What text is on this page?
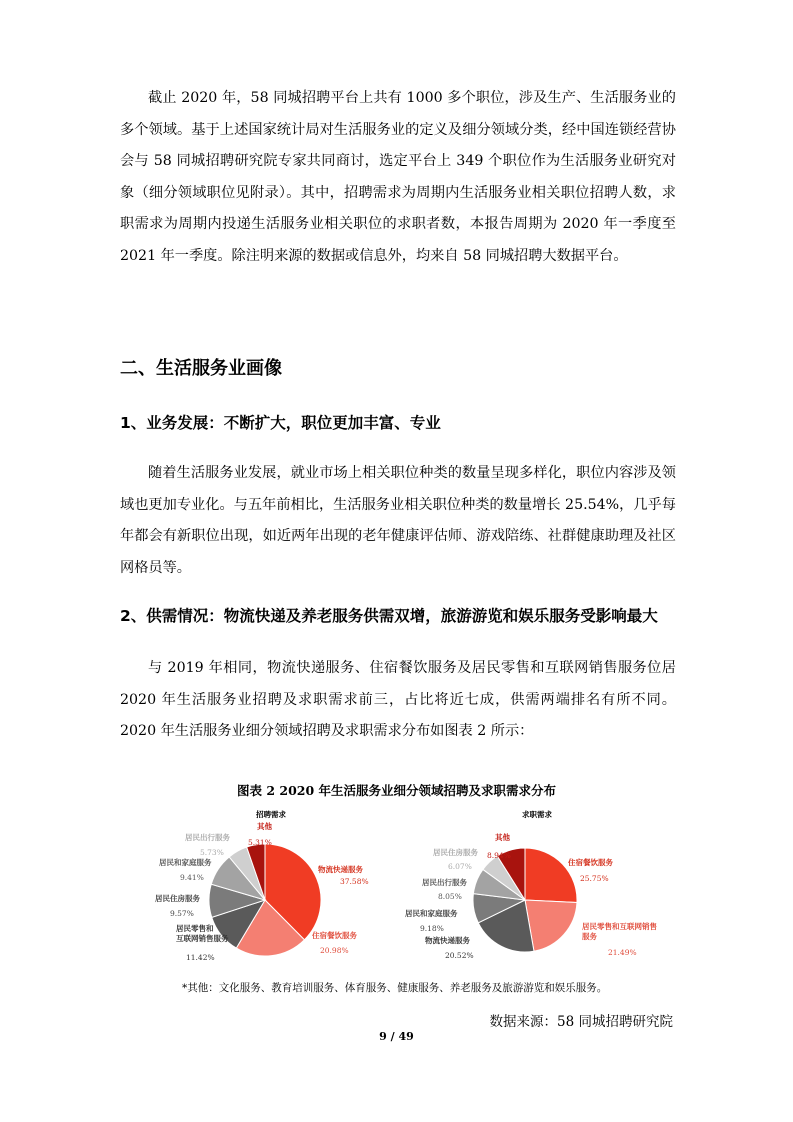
截止 2020 年，58 同城招聘平台上共有 1000 多个职位，涉及生产、生活服务业的多个领域。基于上述国家统计局对生活服务业的定义及细分领域分类，经中国连锁经营协会与 58 同城招聘研究院专家共同商讨，选定平台上 349 个职位作为生活服务业研究对象（细分领域职位见附录）。其中，招聘需求为周期内生活服务业相关职位招聘人数，求职需求为周期内投递生活服务业相关职位的求职者数，本报告周期为 2020 年一季度至 2021 年一季度。除注明来源的数据或信息外，均来自 58 同城招聘大数据平台。

二、生活服务业画像
1、业务发展：不断扩大，职位更加丰富、专业

随着生活服务业发展，就业市场上相关职位种类的数量呈现多样化，职位内容涉及领域也更加专业化。与五年前相比，生活服务业相关职位种类的数量增长 25.54%，几乎每年都会有新职位出现，如近两年出现的老年健康评估师、游戏陪练、社群健康助理及社区网格员等。

2、供需情况：物流快递及养老服务供需双增，旅游游览和娱乐服务受影响最大

与 2019 年相同，物流快递服务、住宿餐饮服务及居民零售和互联网销售服务位居 2020 年生活服务业招聘及求职需求前三，占比将近七成，供需两端排名有所不同。2020 年生活服务业细分领域招聘及求职需求分布如图表 2 所示：

图表 2 2020 年生活服务业细分领域招聘及求职需求分布
招聘需求
物流快递服务
37.58%
住宿餐饮服务
20.98%
居民零售和互联网销售服务
11.42%
居民住房服务
9.57%
居民和家庭服务
9.41%
居民出行服务
5.73%
其他
5.31%
求职需求
住宿餐饮服务
25.75%
居民零售和互联网销售服务
21.49%
物流快递服务
20.52%
居民和家庭服务
9.18%
居民出行服务
8.05%
居民住房服务
6.07%
其他
8.94%
*其他：文化服务、教育培训服务、体育服务、健康服务、养老服务及旅游游览和娱乐服务。
数据来源：58 同城招聘研究院
9 / 49
